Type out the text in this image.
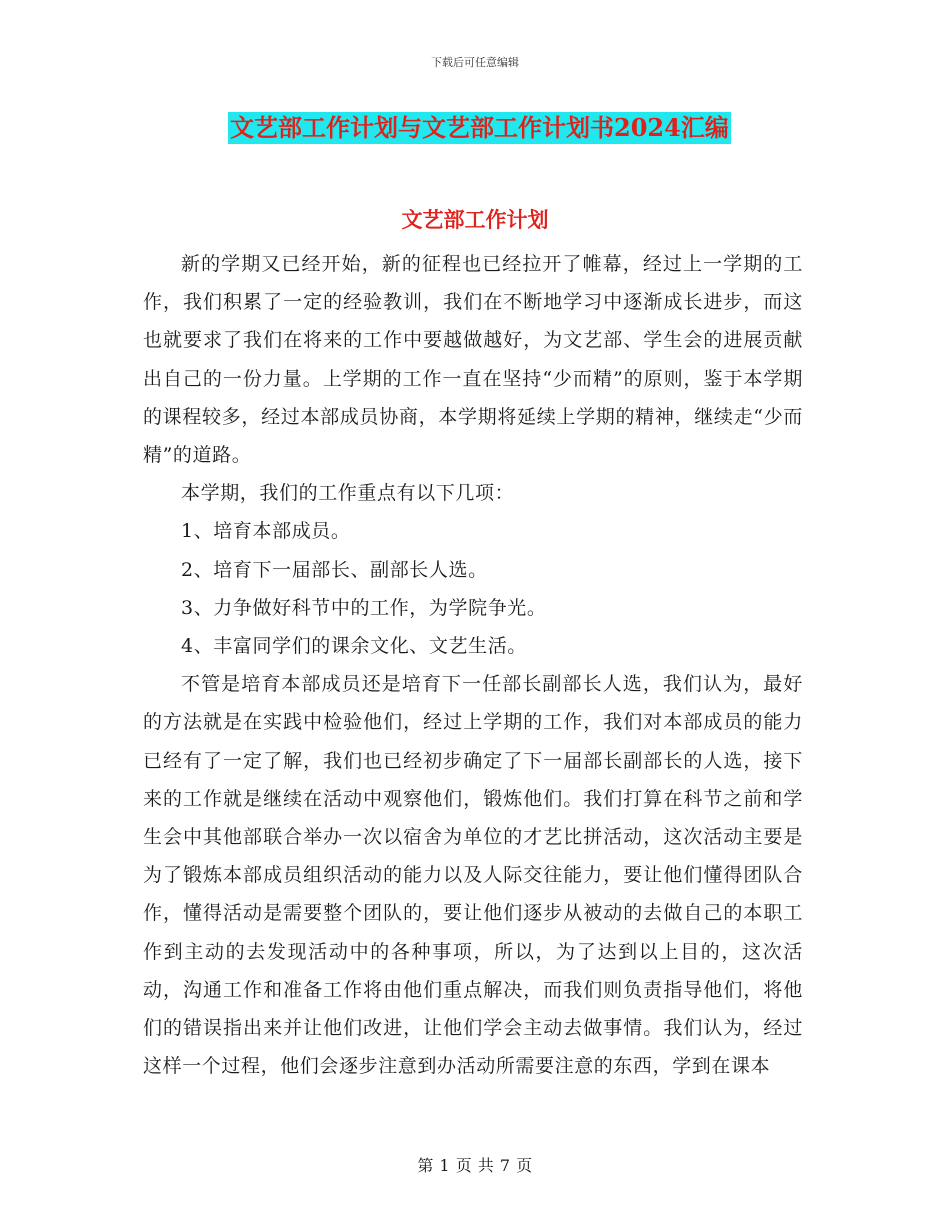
下载后可任意编辑
文艺部工作计划与文艺部工作计划书2024汇编
文艺部工作计划

新的学期又已经开始，新的征程也已经拉开了帷幕，经过上一学期的工作，我们积累了一定的经验教训，我们在不断地学习中逐渐成长进步，而这也就要求了我们在将来的工作中要越做越好，为文艺部、学生会的进展贡献出自己的一份力量。上学期的工作一直在坚持“少而精”的原则，鉴于本学期的课程较多，经过本部成员协商，本学期将延续上学期的精神，继续走“少而精”的道路。

本学期，我们的工作重点有以下几项：

1、培育本部成员。

2、培育下一届部长、副部长人选。

3、力争做好科节中的工作，为学院争光。

4、丰富同学们的课余文化、文艺生活。

不管是培育本部成员还是培育下一任部长副部长人选，我们认为，最好的方法就是在实践中检验他们，经过上学期的工作，我们对本部成员的能力已经有了一定了解，我们也已经初步确定了下一届部长副部长的人选，接下来的工作就是继续在活动中观察他们，锻炼他们。我们打算在科节之前和学生会中其他部联合举办一次以宿舍为单位的才艺比拼活动，这次活动主要是为了锻炼本部成员组织活动的能力以及人际交往能力，要让他们懂得团队合作，懂得活动是需要整个团队的，要让他们逐步从被动的去做自己的本职工作到主动的去发现活动中的各种事项，所以，为了达到以上目的，这次活动，沟通工作和准备工作将由他们重点解决，而我们则负责指导他们，将他们的错误指出来并让他们改进，让他们学会主动去做事情。我们认为，经过这样一个过程，他们会逐步注意到办活动所需要注意的东西，学到在课本

第 1 页 共 7 页
